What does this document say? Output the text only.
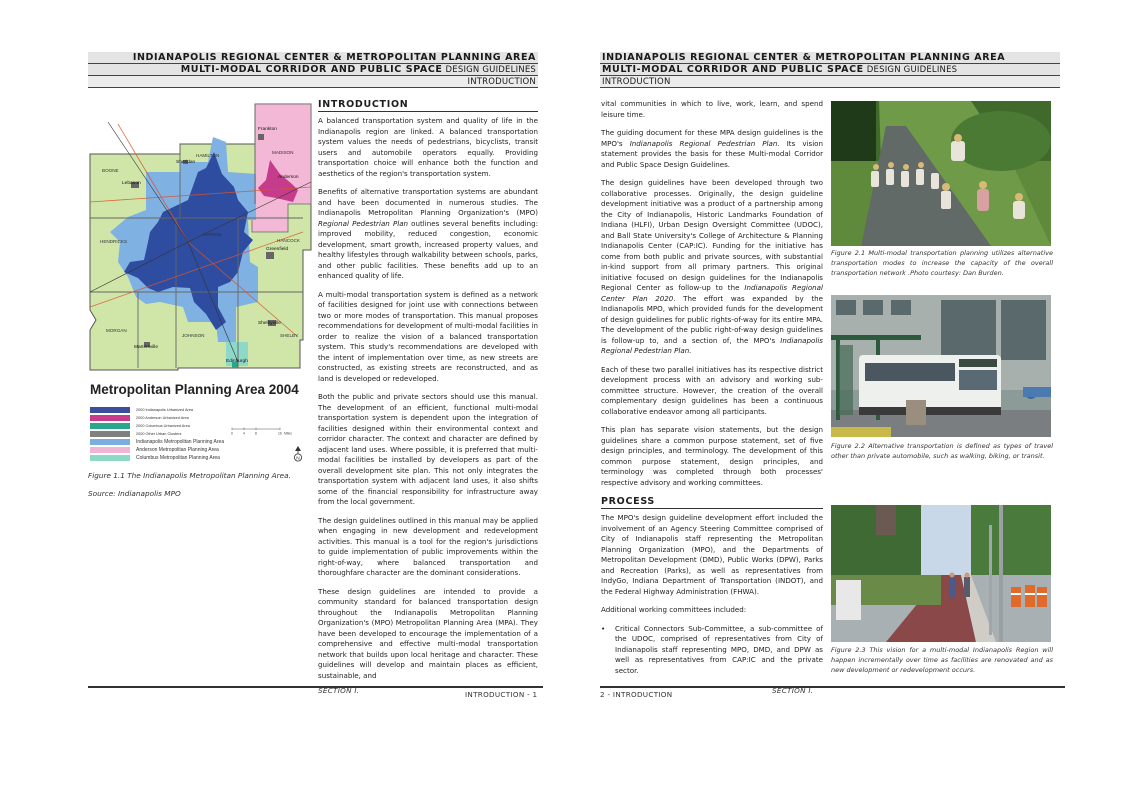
INDIANAPOLIS REGIONAL CENTER & METROPOLITAN PLANNING AREA
MULTI-MODAL CORRIDOR AND PUBLIC SPACE DESIGN GUIDELINES
INTRODUCTION
BOONE
HAMILTON
MADISON
HENDRICKS
MARION
HANCOCK
MORGAN
JOHNSON	SHELBY
Lebanon
Sheridan
Frankton
Anderson
Greenfield
Shelbyville
Martinsville
Edinburgh
Metropolitan Planning Area 2004
2000 Indianapolis Urbanized Area
2000 Anderson Urbanized Area
2000 Columbus Urbanized Area
2000 Other Urban Clusters
Indianapolis Metropolitan Planning Area
Anderson Metropolitan Planning Area
Columbus Metropolitan Planning Area
0	4	8	16 Miles
N
Figure 1.1 The Indianapolis Metropolitan Planning Area.
Source: Indianapolis MPO
INTRODUCTION

A balanced transportation system and quality of life in the Indianapolis region are linked. A balanced transportation system values the needs of pedestrians, bicyclists, transit users and automobile operators equally. Providing transportation choice will enhance both the function and aesthetics of the region's transportation system.

Benefits of alternative transportation systems are abundant and have been documented in numerous studies. The Indianapolis Metropolitan Planning Organization's (MPO) Regional Pedestrian Plan outlines several benefits including: improved mobility, reduced congestion, economic development, smart growth, increased property values, and healthy lifestyles through walkability between schools, parks, and other public facilities. These benefits add up to an enhanced quality of life.

A multi-modal transportation system is defined as a network of facilities designed for joint use with connections between two or more modes of transportation. This manual proposes recommendations for development of multi-modal facilities in order to realize the vision of a balanced transportation system. This study's recommendations are developed with the intent of implementation over time, as new streets are constructed, as existing streets are reconstructed, and as land is developed or redeveloped.

Both the public and private sectors should use this manual. The development of an efficient, functional multi-modal transportation system is dependent upon the integration of facilities designed within their environmental context and corridor character. The context and character are defined by adjacent land uses. Where possible, it is preferred that multi-modal facilities be installed by developers as part of the overall development site plan. This not only integrates the transportation system with adjacent land uses, it also shifts some of the financial responsibility for infrastructure away from the local government.

The design guidelines outlined in this manual may be applied when engaging in new development and redevelopment activities. This manual is a tool for the region's jurisdictions to guide implementation of public improvements within the right-of-way, where balanced transportation and thoroughfare character are the dominant considerations.

These design guidelines are intended to provide a community standard for balanced transportation design throughout the Indianapolis Metropolitan Planning Organization's (MPO) Metropolitan Planning Area (MPA). They have been developed to encourage the implementation of a comprehensive and effective multi-modal transportation network that builds upon local heritage and character. These guidelines will develop and maintain places as efficient, sustainable, and

SECTION I.	INTRODUCTION - 1
INDIANAPOLIS REGIONAL CENTER & METROPOLITAN PLANNING AREA
MULTI-MODAL CORRIDOR AND PUBLIC SPACE DESIGN GUIDELINES
INTRODUCTION
2 - INTRODUCTION	SECTION I.

vital communities in which to live, work, learn, and spend leisure time.

The guiding document for these MPA design guidelines is the MPO's Indianapolis Regional Pedestrian Plan. Its vision statement provides the basis for these Multi-modal Corridor and Public Space Design Guidelines.

The design guidelines have been developed through two collaborative processes. Originally, the design guideline development initiative was a product of a partnership among the City of Indianapolis, Historic Landmarks Foundation of Indiana (HLFI), Urban Design Oversight Committee (UDOC), and Ball State University's College of Architecture & Planning Indianapolis Center (CAP:IC). Funding for the initiative has come from both public and private sources, with substantial in-kind support from all primary partners. This original initiative focused on design guidelines for the Indianapolis Regional Center as follow-up to the Indianapolis Regional Center Plan 2020. The effort was expanded by the Indianapolis MPO, which provided funds for the development of design guidelines for public rights-of-way for its entire MPA. The development of the public right-of-way design guidelines is follow-up to, and a section of, the MPO's Indianapolis Regional Pedestrian Plan.

Each of these two parallel initiatives has its respective district development process with an advisory and working sub-committee structure. However, the creation of the overall complementary design guidelines has been a continuous collaborative endeavor among all participants.

This plan has separate vision statements, but the design guidelines share a common purpose statement, set of five design principles, and terminology. The development of this common purpose statement, design principles, and terminology was completed through both processes' respective advisory and working committees.

PROCESS

The MPO's design guideline development effort included the involvement of an Agency Steering Committee comprised of City of Indianapolis staff representing the Metropolitan Planning Organization (MPO), and the Departments of Metropolitan Development (DMD), Public Works (DPW), Parks and Recreation (Parks), as well as representatives from IndyGo, Indiana Department of Transportation (INDOT), and the Federal Highway Administration (FHWA).

Additional working committees included:

•	Critical Connectors Sub-Committee, a sub-committee of the UDOC, comprised of representatives from City of Indianapolis staff representing MPO, DMD, and DPW as well as representatives from CAP:IC and the private sector.
Figure 2.1 Multi-modal transportation planning utilizes alternative transportation modes to increase the capacity of the overall transportation network .Photo courtesy: Dan Burden.
Figure 2.2 Alternative transportation is defined as types of travel other than private automobile, such as walking, biking, or transit.
Figure 2.3 This vision for a multi-modal Indianapolis Region will happen incrementally over time as facilities are renovated and as new development or redevelopment occurs.
